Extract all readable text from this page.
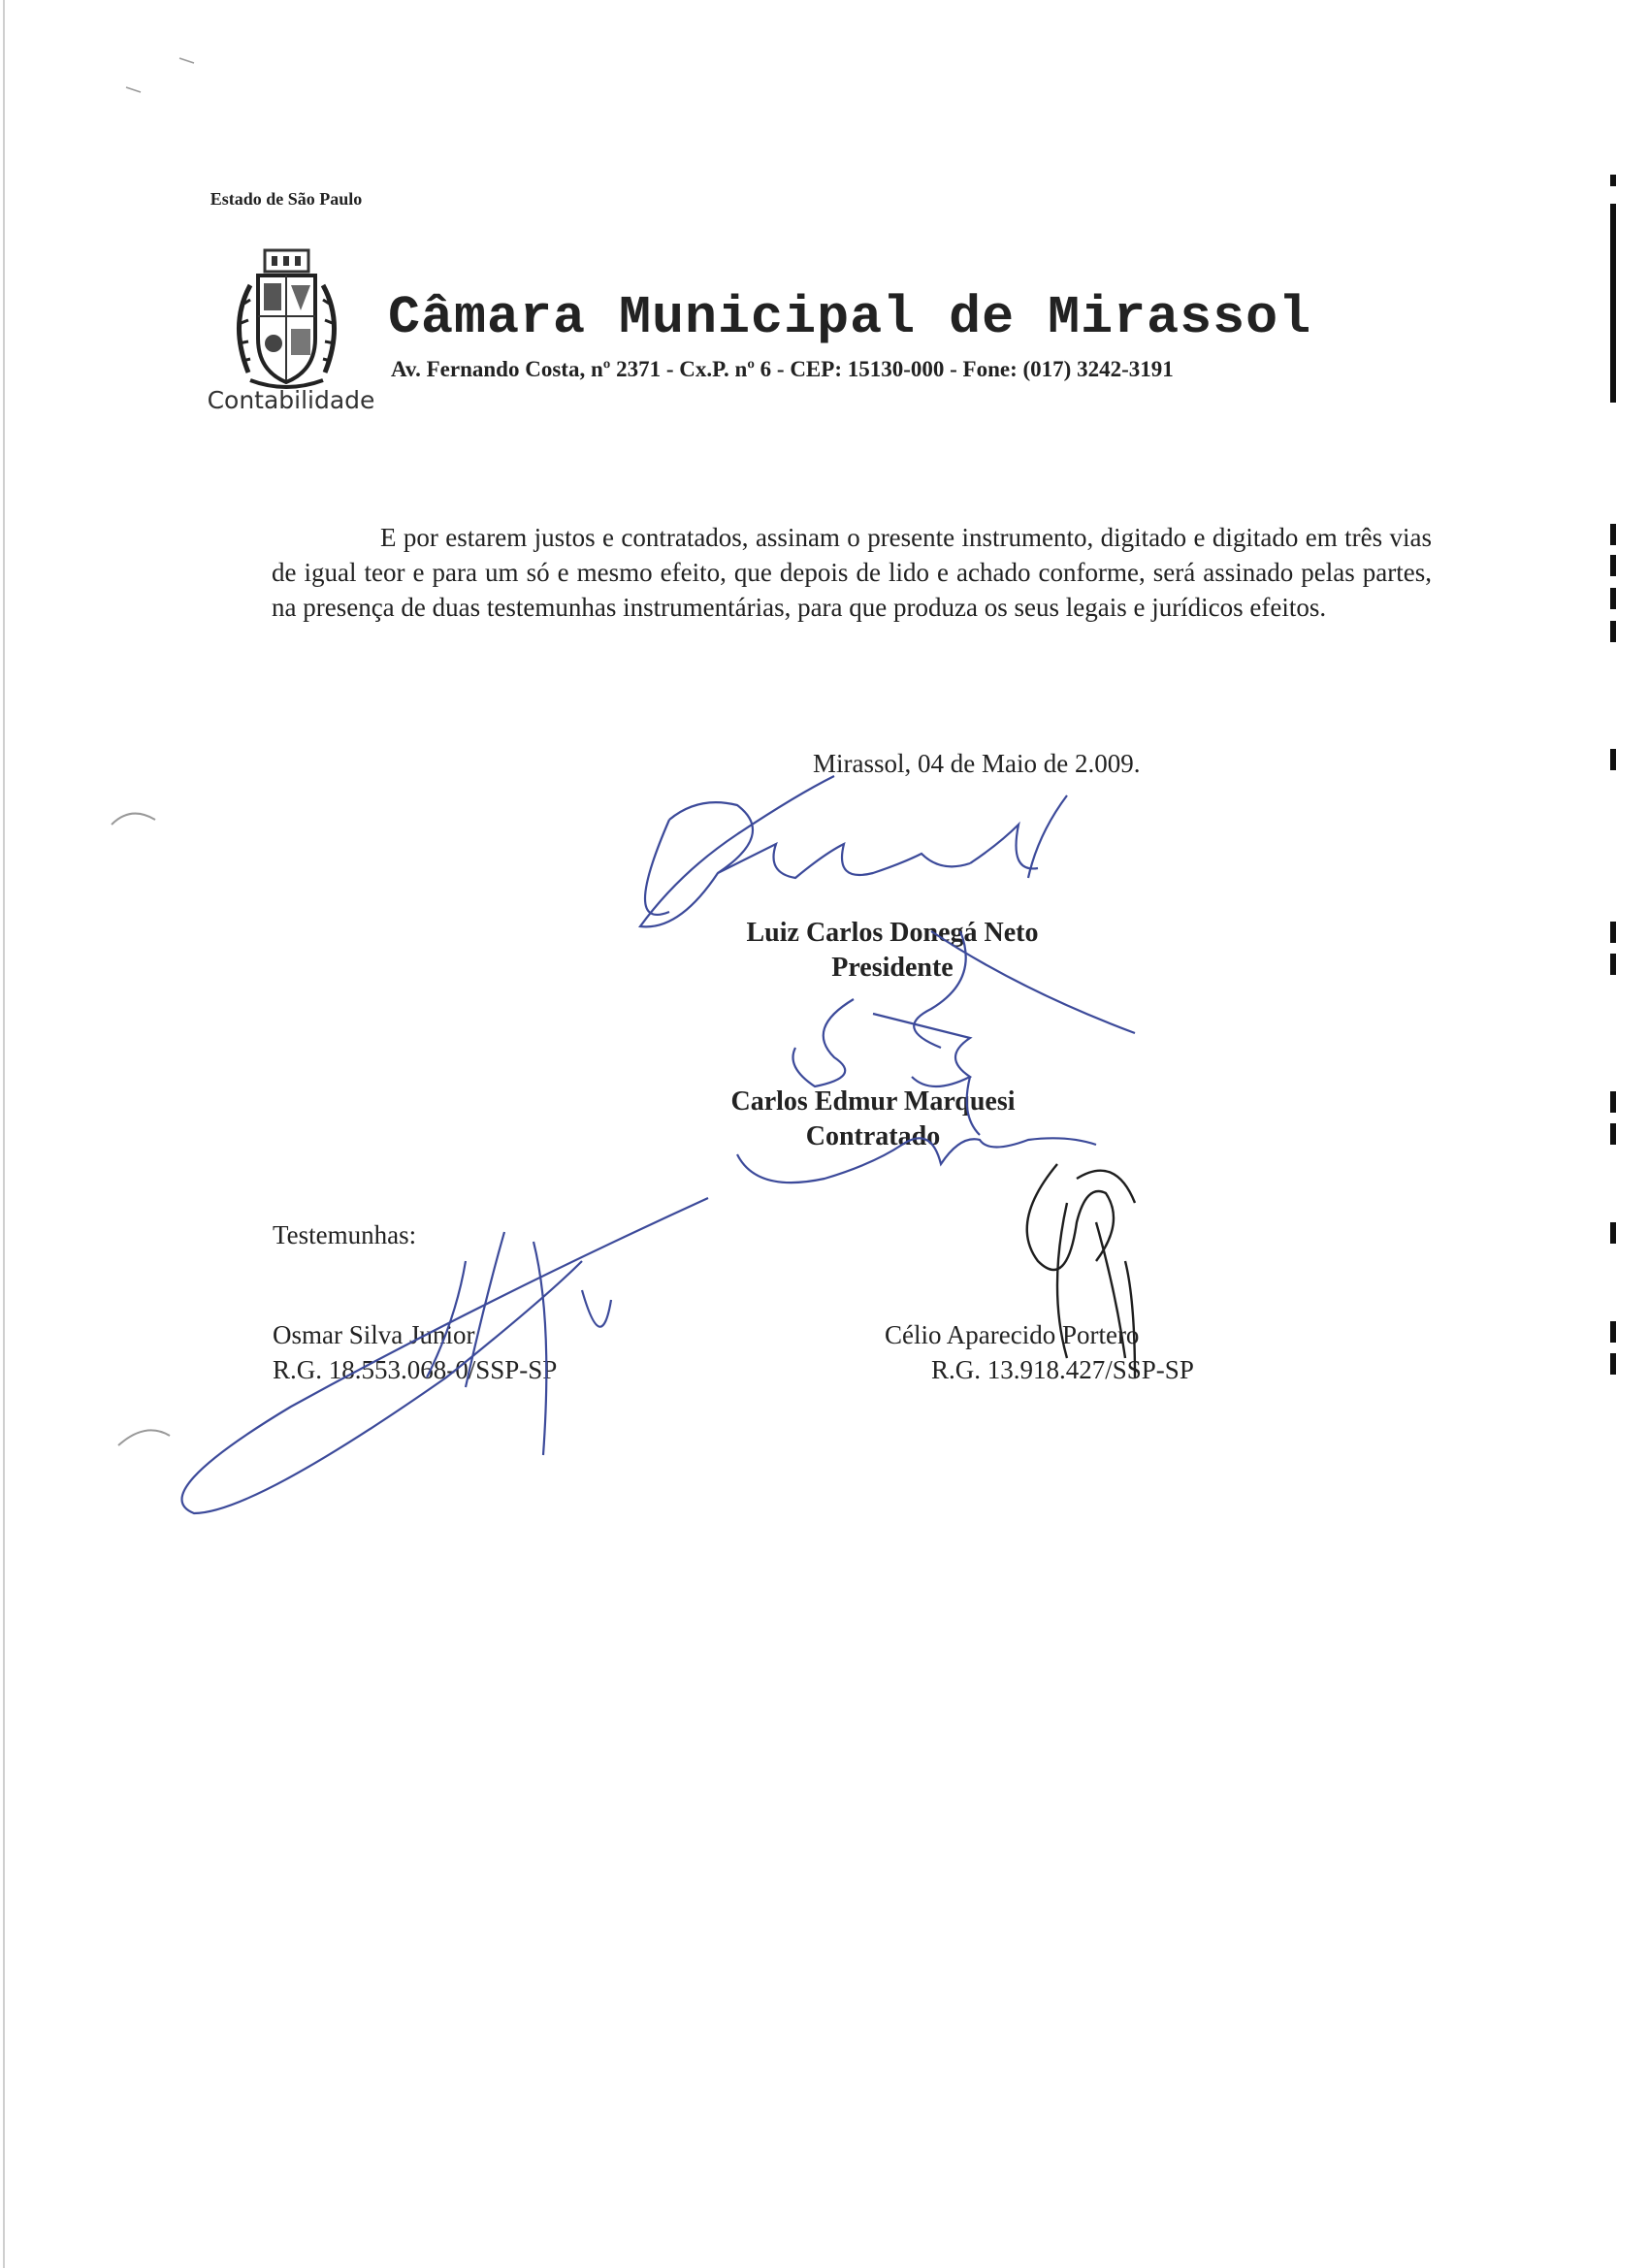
Estado de São Paulo
Contabilidade
Câmara Municipal de Mirassol
Av. Fernando Costa, nº 2371 - Cx.P. nº 6 - CEP: 15130-000 - Fone: (017) 3242-3191
E por estarem justos e contratados, assinam o presente instrumento, digitado e digitado em três vias de igual teor e para um só e mesmo efeito, que depois de lido e achado conforme, será assinado pelas partes, na presença de duas testemunhas instrumentárias, para que produza os seus legais e jurídicos efeitos.
Mirassol, 04 de Maio de 2.009.
Luiz Carlos Donegá Neto
Presidente
Carlos Edmur Marquesi
Contratado
Testemunhas:
Osmar Silva Junior
R.G. 18.553.068-0/SSP-SP
Célio Aparecido Portero
R.G. 13.918.427/SSP-SP
